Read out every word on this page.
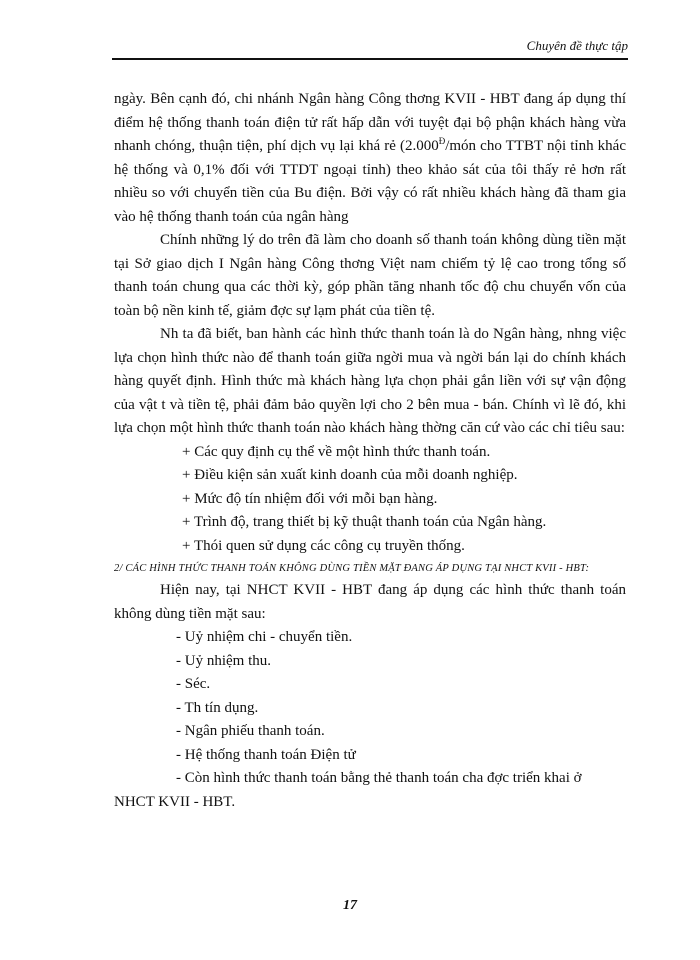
Chuyên đề thực tập

ngày. Bên cạnh đó, chi nhánh Ngân hàng Công thơng KVII - HBT đang áp dụng thí điểm hệ thống thanh toán điện tử rất hấp dẫn với tuyệt đại bộ phận khách hàng vừa nhanh chóng, thuận tiện, phí dịch vụ lại khá rẻ ($2.000^Đ$/món cho TTBT nội tỉnh khác hệ thống và 0,1% đối với TTDT ngoại tỉnh) theo khảo sát của tôi thấy rẻ hơn rất nhiều so với chuyển tiền của Bu điện. Bởi vậy có rất nhiều khách hàng đã tham gia vào hệ thống thanh toán của ngân hàng

Chính những lý do trên đã làm cho doanh số thanh toán không dùng tiền mặt tại Sở giao dịch I Ngân hàng Công thơng Việt nam chiếm tỷ lệ cao trong tổng số thanh toán chung qua các thời kỳ, góp phần tăng nhanh tốc độ chu chuyển vốn của toàn bộ nền kinh tế, giảm đợc sự lạm phát của tiền tệ.

Nh ta đã biết, ban hành các hình thức thanh toán là do Ngân hàng, nhng việc lựa chọn hình thức nào để thanh toán giữa ngời mua và ngời bán lại do chính khách hàng quyết định. Hình thức mà khách hàng lựa chọn phải gắn liền với sự vận động của vật t và tiền tệ, phải đảm bảo quyền lợi cho 2 bên mua - bán. Chính vì lẽ đó, khi lựa chọn một hình thức thanh toán nào khách hàng thờng căn cứ vào các chỉ tiêu sau:

+ Các quy định cụ thể về một hình thức thanh toán.
+ Điều kiện sản xuất kinh doanh của mỗi doanh nghiệp.
+ Mức độ tín nhiệm đối với mỗi bạn hàng.
+ Trình độ, trang thiết bị kỹ thuật thanh toán của Ngân hàng.
+ Thói quen sử dụng các công cụ truyền thống.

2/ CÁC HÌNH THỨC THANH TOÁN KHÔNG DÙNG TIỀN MẶT ĐANG ÁP DỤNG TẠI NHCT KVII - HBT:

Hiện nay, tại NHCT KVII - HBT đang áp dụng các hình thức thanh toán không dùng tiền mặt sau:

- Uỷ nhiệm chi - chuyển tiền.
- Uỷ nhiệm thu.
- Séc.
- Th tín dụng.
- Ngân phiếu thanh toán.
- Hệ thống thanh toán Điện tử

- Còn hình thức thanh toán bằng thẻ thanh toán cha đợc triển khai ở

NHCT KVII - HBT.

17
